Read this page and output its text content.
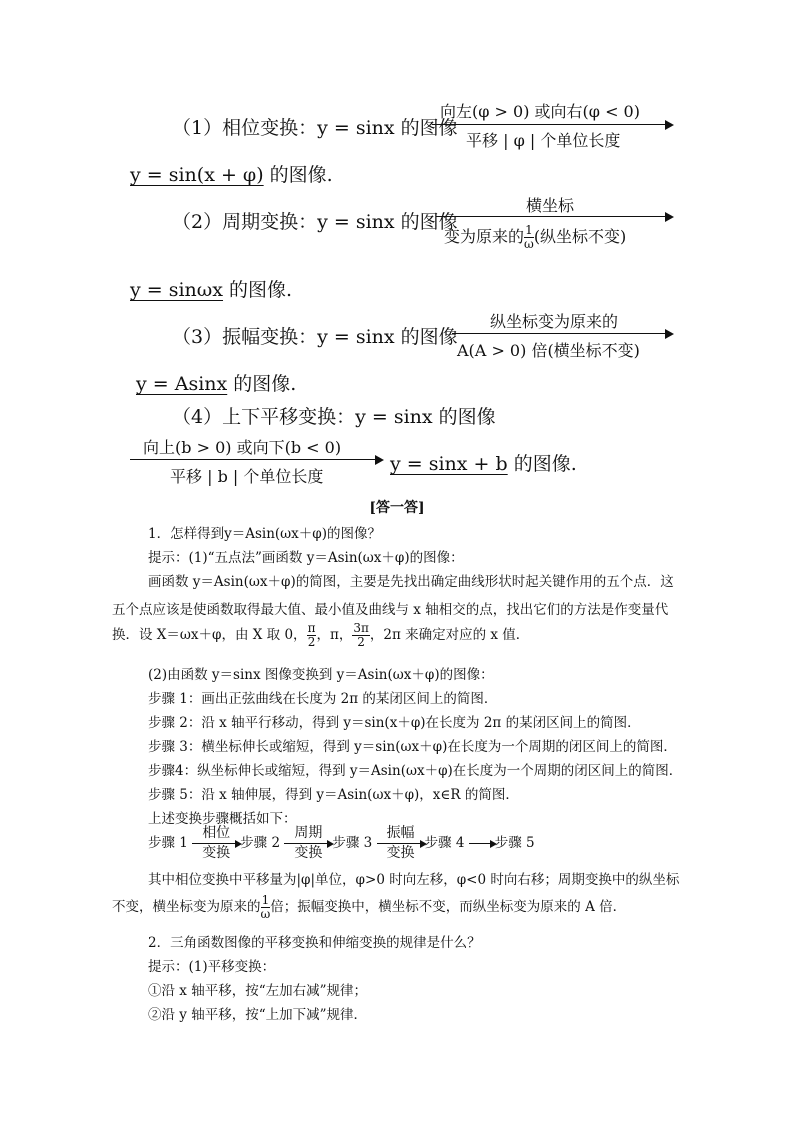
（1）相位变换：y = sinx 的图像
向左(φ > 0) 或向右(φ < 0)
平移 | φ | 个单位长度
y = sin(x + φ) 的图像.
（2）周期变换：y = sinx 的图像
横坐标
变为原来的 $\frac{1}{\omega}$ (纵坐标不变)
y = sinωx 的图像.
（3）振幅变换：y = sinx 的图像
纵坐标变为原来的
A(A > 0) 倍(横坐标不变)
y = Asinx 的图像.
（4）上下平移变换：y = sinx 的图像
向上(b > 0) 或向下(b < 0)
平移 | b | 个单位长度
y = sinx + b 的图像.
[答一答]
1．怎样得到y＝Asin(ωx＋φ)的图像？
提示：(1)“五点法”画函数 y＝Asin(ωx＋φ)的图像：
画函数 y＝Asin(ωx＋φ)的简图，主要是先找出确定曲线形状时起关键作用的五个点．这
五个点应该是使函数取得最大值、最小值及曲线与 x 轴相交的点，找出它们的方法是作变量代
换．设 X＝ωx＋φ，由 X 取 0， $\frac{\pi}{2}$ ，π， $\frac{3\pi}{2}$ ，2π 来确定对应的 x 值．
(2)由函数 y＝sinx 图像变换到 y＝Asin(ωx＋φ)的图像：
步骤 1：画出正弦曲线在长度为 2π 的某闭区间上的简图．
步骤 2：沿 x 轴平行移动，得到 y＝sin(x＋φ)在长度为 2π 的某闭区间上的简图．
步骤 3：横坐标伸长或缩短，得到 y＝sin(ωx＋φ)在长度为一个周期的闭区间上的简图．
步骤4：纵坐标伸长或缩短，得到 y＝Asin(ωx＋φ)在长度为一个周期的闭区间上的简图．
步骤 5：沿 x 轴伸展，得到 y＝Asin(ωx＋φ)，x∈R 的简图．
上述变换步骤概括如下：
步骤 1 相位
变换步骤 2 周期
变换步骤 3 振幅
变换步骤 4 步骤 5
其中相位变换中平移量为|φ|单位，φ>0 时向左移，φ<0 时向右移；周期变换中的纵坐标
不变，横坐标变为原来的 $\frac{1}{\omega}$ 倍；振幅变换中，横坐标不变，而纵坐标变为原来的 A 倍．
2．三角函数图像的平移变换和伸缩变换的规律是什么？
提示：(1)平移变换：
①沿 x 轴平移，按“左加右减”规律；
②沿 y 轴平移，按“上加下减”规律．
